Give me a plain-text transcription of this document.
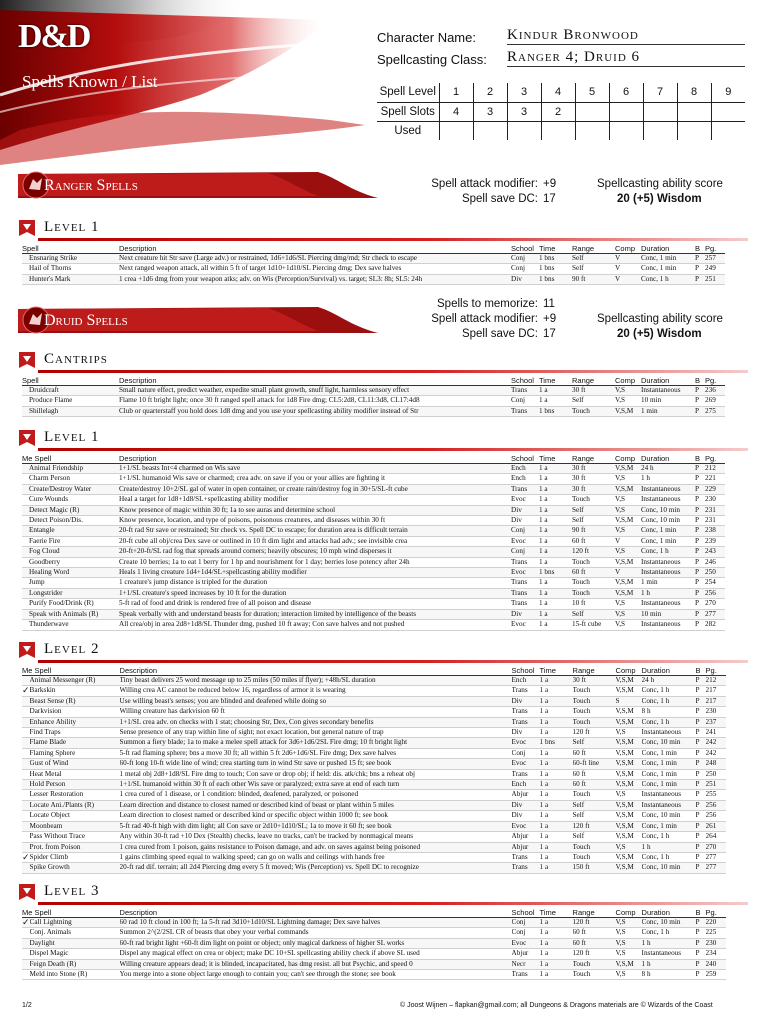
D&D
Spells Known / List
Character Name: Kindur Bronwood
Spellcasting Class: Ranger 4; Druid 6
Spell Level	1	2	3	4	5	6	7	8	9
Spell Slots	4	3	3	2					
Used									
Ranger Spells	Spell attack modifier: +9
Spell save DC: 17
Spellcasting ability score
20 (+5) Wisdom
Druid Spells
Spells to memorize: 11
Spell attack modifier: +9
Spell save DC: 17
Spellcasting ability score
20 (+5) Wisdom
Level 1
Spell		Description	School	Time	Range	Comp	Duration	B	Pg.
	Ensnaring Strike	Next creature hit Str save (Large adv.) or restrained, 1d6+1d6/SL Piercing dmg/rnd; Str check to escape	Conj	1 bns	Self	V	Conc, 1 min	P	257
	Hail of Thorns	Next ranged weapon attack, all within 5 ft of target 1d10+1d10/SL Piercing dmg; Dex save halves	Conj	1 bns	Self	V	Conc, 1 min	P	249
	Hunter's Mark	1 crea +1d6 dmg from your weapon atks; adv. on Wis (Perception/Survival) vs. target; SL3: 8h; SL5: 24h	Div	1 bns	90 ft	V	Conc, 1 h	P	251
Cantrips
Spell		Description	School	Time	Range	Comp	Duration	B	Pg.
	Druidcraft	Small nature effect, predict weather, expedite small plant growth, snuff light, harmless sensory effect	Trans	1 a	30 ft	V,S	Instantaneous	P	236
	Produce Flame	Flame 10 ft bright light; once 30 ft ranged spell attack for 1d8 Fire dmg; CL5:2d8, CL11:3d8, CL17:4d8	Conj	1 a	Self	V,S	10 min	P	269
	Shillelagh	Club or quarterstaff you hold does 1d8 dmg and you use your spellcasting ability modifier instead of Str	Trans	1 bns	Touch	V,S,M	1 min	P	275
Level 1
Me Spell		Description	School	Time	Range	Comp	Duration	B	Pg.
	Animal Friendship	1+1/SL beasts Int<4 charmed on Wis save	Ench	1 a	30 ft	V,S,M	24 h	P	212
	Charm Person	1+1/SL humanoid Wis save or charmed; crea adv. on save if you or your allies are fighting it	Ench	1 a	30 ft	V,S	1 h	P	221
	Create/Destroy Water	Create/destroy 10+2/SL gal of water in open container, or create rain/destroy fog in 30+5/SL-ft cube	Trans	1 a	30 ft	V,S,M	Instantaneous	P	229
	Cure Wounds	Heal a target for 1d8+1d8/SL+spellcasting ability modifier	Evoc	1 a	Touch	V,S	Instantaneous	P	230
	Detect Magic (R)	Know presence of magic within 30 ft; 1a to see auras and determine school	Div	1 a	Self	V,S	Conc, 10 min	P	231
	Detect Poison/Dis.	Know presence, location, and type of poisons, poisonous creatures, and diseases within 30 ft	Div	1 a	Self	V,S,M	Conc, 10 min	P	231
	Entangle	20-ft rad Str save or restrained; Str check vs. Spell DC to escape; for duration area is difficult terrain	Conj	1 a	90 ft	V,S	Conc, 1 min	P	238
	Faerie Fire	20-ft cube all obj/crea Dex save or outlined in 10 ft dim light and attacks had adv.; see invisible crea	Evoc	1 a	60 ft	V	Conc, 1 min	P	239
	Fog Cloud	20-ft+20-ft/SL rad fog that spreads around corners; heavily obscures; 10 mph wind disperses it	Conj	1 a	120 ft	V,S	Conc, 1 h	P	243
	Goodberry	Create 10 berries; 1a to eat 1 berry for 1 hp and nourishment for 1 day; berries lose potency after 24h	Trans	1 a	Touch	V,S,M	Instantaneous	P	246
	Healing Word	Heals 1 living creature 1d4+1d4/SL+spellcasting ability modifier	Evoc	1 bns	60 ft	V	Instantaneous	P	250
	Jump	1 creature's jump distance is tripled for the duration	Trans	1 a	Touch	V,S,M	1 min	P	254
	Longstrider	1+1/SL creature's speed increases by 10 ft for the duration	Trans	1 a	Touch	V,S,M	1 h	P	256
	Purify Food/Drink (R)	5-ft rad of food and drink is rendered free of all poison and disease	Trans	1 a	10 ft	V,S	Instantaneous	P	270
	Speak with Animals (R)	Speak verbally with and understand beasts for duration; interaction limited by intelligence of the beasts	Div	1 a	Self	V,S	10 min	P	277
	Thunderwave	All crea/obj in area 2d8+1d8/SL Thunder dmg, pushed 10 ft away; Con save halves and not pushed	Evoc	1 a	15-ft cube	V,S	Instantaneous	P	282
Level 2
Me Spell		Description	School	Time	Range	Comp	Duration	B	Pg.
	Animal Messenger (R)	Tiny beast delivers 25 word message up to 25 miles (50 miles if flyer); +48h/SL duration	Ench	1 a	30 ft	V,S,M	24 h	P	212
✓	Barkskin	Willing crea AC cannot be reduced below 16, regardless of armor it is wearing	Trans	1 a	Touch	V,S,M	Conc, 1 h	P	217
	Beast Sense (R)	Use willing beast's senses; you are blinded and deafened while doing so	Div	1 a	Touch	S	Conc, 1 h	P	217
	Darkvision	Willing creature has darkvision 60 ft	Trans	1 a	Touch	V,S,M	8 h	P	230
	Enhance Ability	1+1/SL crea adv. on checks with 1 stat; choosing Str, Dex, Con gives secondary benefits	Trans	1 a	Touch	V,S,M	Conc, 1 h	P	237
	Find Traps	Sense presence of any trap within line of sight; not exact location, but general nature of trap	Div	1 a	120 ft	V,S	Instantaneous	P	241
	Flame Blade	Summon a fiery blade; 1a to make a melee spell attack for 3d6+1d6/2SL Fire dmg; 10 ft bright light	Evoc	1 bns	Self	V,S,M	Conc, 10 min	P	242
	Flaming Sphere	5-ft rad flaming sphere; bns a move 30 ft; all within 5 ft 2d6+1d6/SL Fire dmg; Dex save halves	Conj	1 a	60 ft	V,S,M	Conc, 1 min	P	242
	Gust of Wind	60-ft long 10-ft wide line of wind; crea starting turn in wind Str save or pushed 15 ft; see book	Evoc	1 a	60-ft line	V,S,M	Conc, 1 min	P	248
	Heat Metal	1 metal obj 2d8+1d8/SL Fire dmg to touch; Con save or drop obj; if held: dis. atk/chk; bns a reheat obj	Trans	1 a	60 ft	V,S,M	Conc, 1 min	P	250
	Hold Person	1+1/SL humanoid within 30 ft of each other Wis save or paralyzed; extra save at end of each turn	Ench	1 a	60 ft	V,S,M	Conc, 1 min	P	251
	Lesser Restoration	1 crea cured of 1 disease, or 1 condition: blinded, deafened, paralyzed, or poisoned	Abjur	1 a	Touch	V,S	Instantaneous	P	255
	Locate Ani./Plants (R)	Learn direction and distance to closest named or described kind of beast or plant within 5 miles	Div	1 a	Self	V,S,M	Instantaneous	P	256
	Locate Object	Learn direction to closest named or described kind or specific object within 1000 ft; see book	Div	1 a	Self	V,S,M	Conc, 10 min	P	256
	Moonbeam	5-ft rad 40-ft high with dim light; all Con save or 2d10+1d10/SL; 1a to move it 60 ft; see book	Evoc	1 a	120 ft	V,S,M	Conc, 1 min	P	261
	Pass Without Trace	Any within 30-ft rad +10 Dex (Stealth) checks, leave no tracks, can't be tracked by nonmagical means	Abjur	1 a	Self	V,S,M	Conc, 1 h	P	264
	Prot. from Poison	1 crea cured from 1 poison, gains resistance to Poison damage, and adv. on saves against being poisoned	Abjur	1 a	Touch	V,S	1 h	P	270
✓	Spider Climb	1 gains climbing speed equal to walking speed; can go on walls and ceilings with hands free	Trans	1 a	Touch	V,S,M	Conc, 1 h	P	277
	Spike Growth	20-ft rad dif. terrain; all 2d4 Piercing dmg every 5 ft moved; Wis (Perception) vs. Spell DC to recognize	Trans	1 a	150 ft	V,S,M	Conc, 10 min	P	277
Level 3
Me Spell		Description	School	Time	Range	Comp	Duration	B	Pg.
✓	Call Lightning	60 rad 10 ft cloud in 100 ft; 1a 5-ft rad 3d10+1d10/SL Lightning damage; Dex save halves	Conj	1 a	120 ft	V,S	Conc, 10 min	P	220
	Conj. Animals	Summon 2^(2/2SL CR of beasts that obey your verbal commands	Conj	1 a	60 ft	V,S	Conc, 1 h	P	225
	Daylight	60-ft rad bright light +60-ft dim light on point or object; only magical darkness of higher SL works	Evoc	1 a	60 ft	V,S	1 h	P	230
	Dispel Magic	Dispel any magical effect on crea or object; make DC 10+SL spellcasting ability check if above SL used	Abjur	1 a	120 ft	V,S	Instantaneous	P	234
	Feign Death (R)	Willing creature appears dead; it is blinded, incapacitated, has dmg resist. all but Psychic, and speed 0	Necr	1 a	Touch	V,S,M	1 h	P	240
	Meld into Stone (R)	You merge into a stone object large enough to contain you; can't see through the stone; see book	Trans	1 a	Touch	V,S	8 h	P	259
1/2	© Joost Wijnen – flapkan@gmail.com; all Dungeons & Dragons materials are © Wizards of the Coast
